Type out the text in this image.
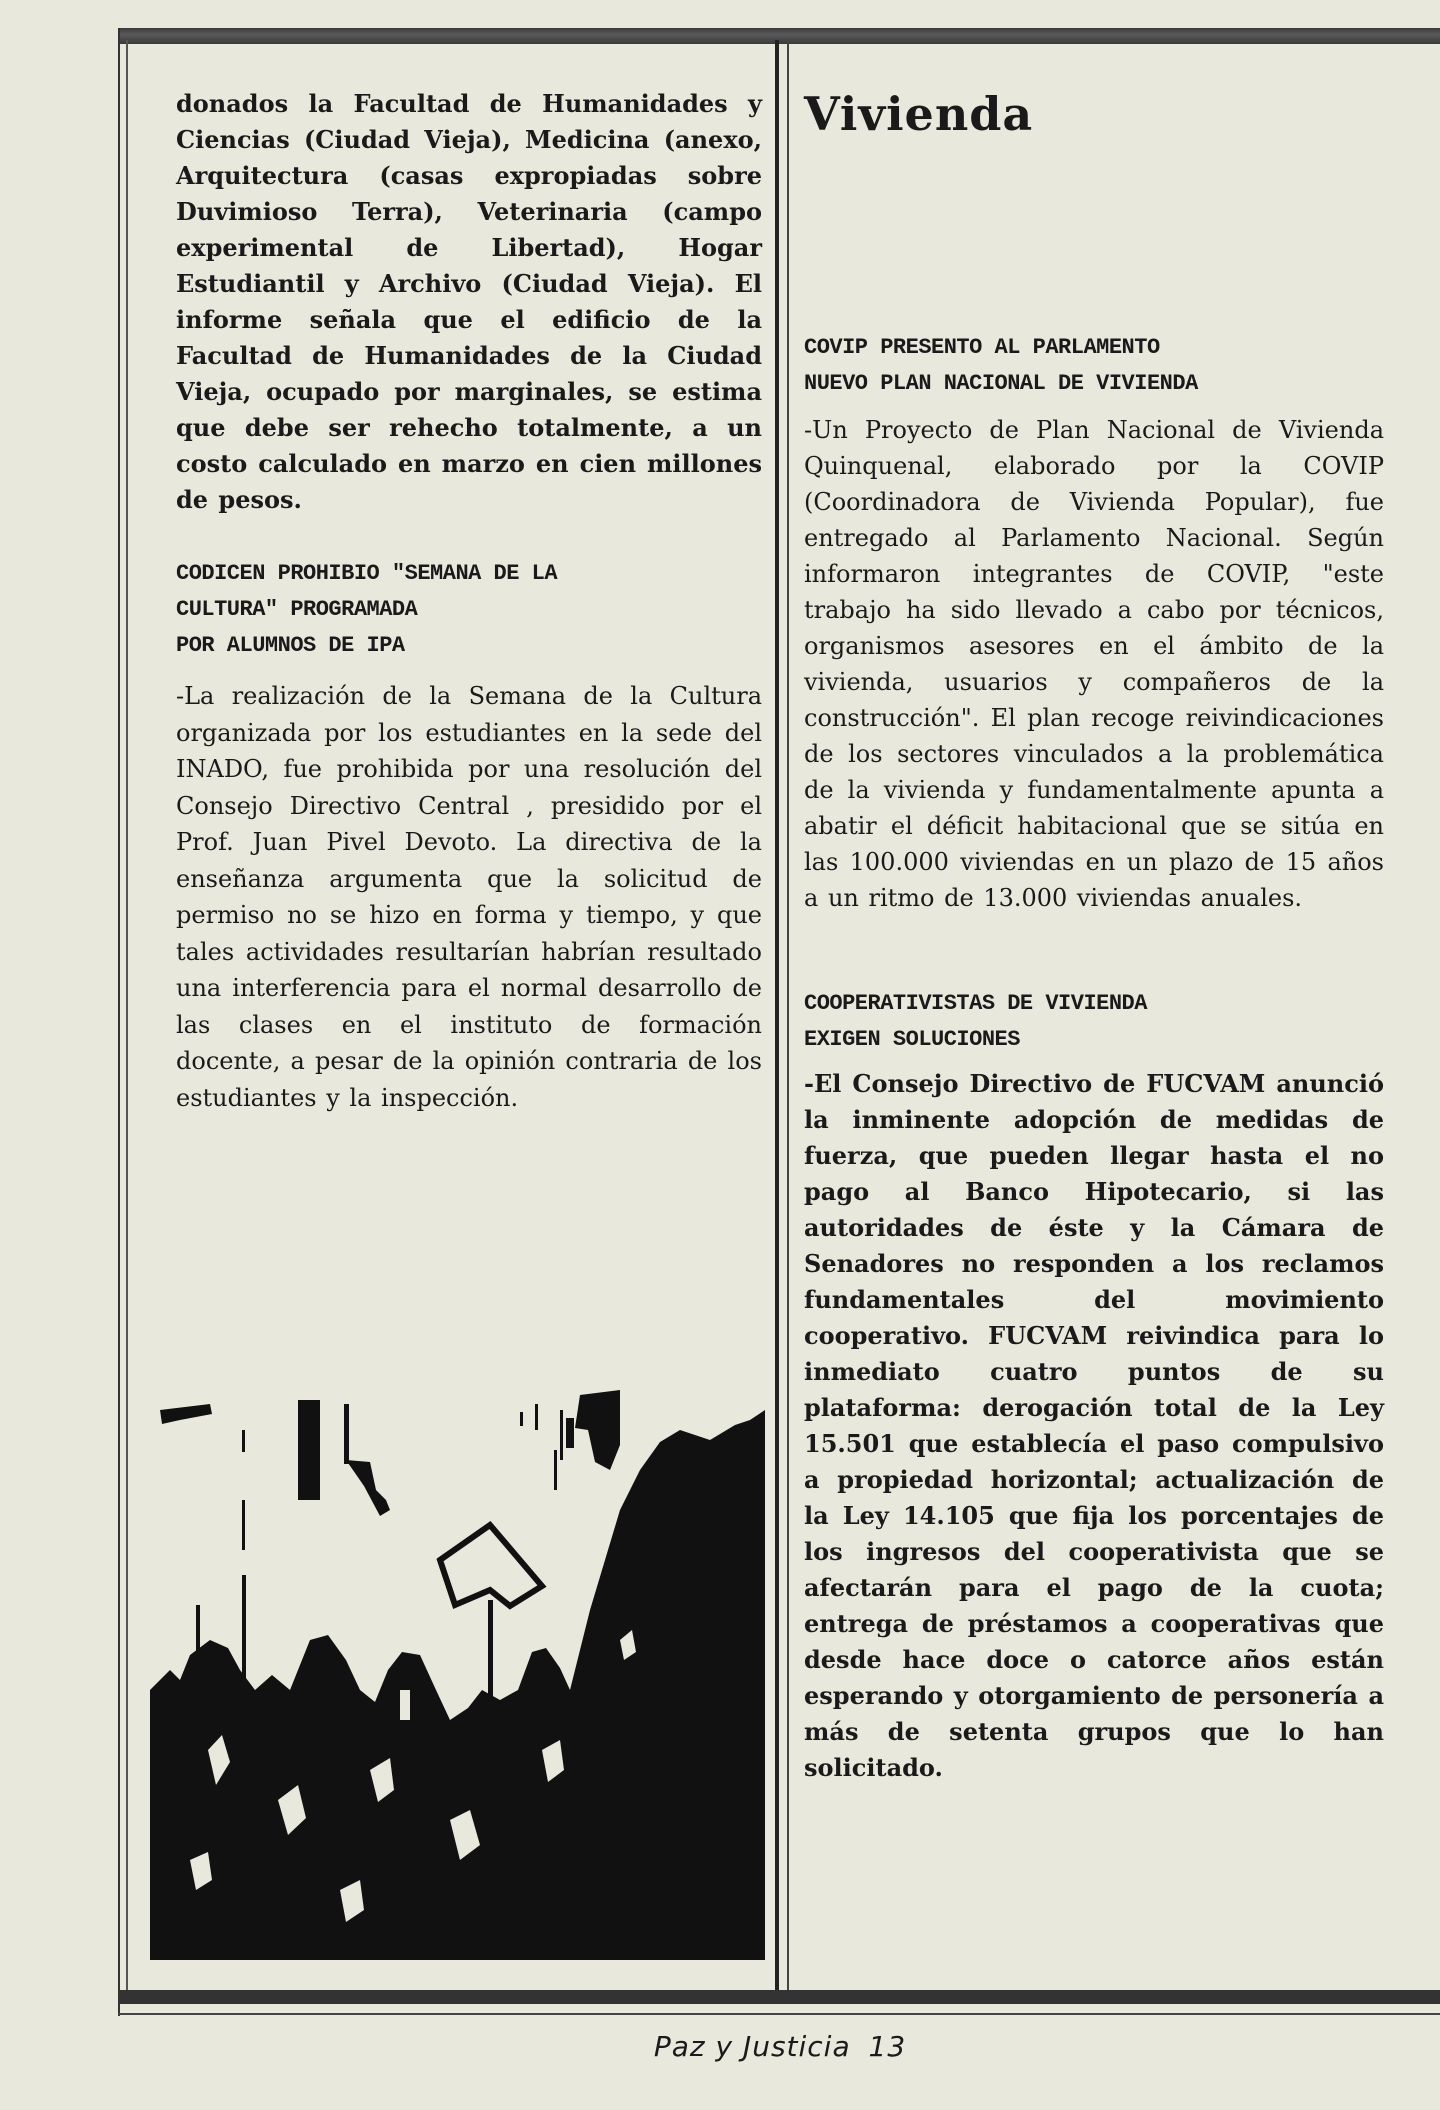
donados la Facultad de Humanidades y Ciencias (Ciudad Vieja), Medicina (anexo, Arquitectura (casas expropiadas sobre Duvimioso Terra), Veterinaria (campo experimental de Libertad), Hogar Estudiantil y Archivo (Ciudad Vieja). El informe señala que el edificio de la Facultad de Humanidades de la Ciudad Vieja, ocupado por marginales, se estima que debe ser rehecho totalmente, a un costo calculado en marzo en cien millones de pesos.

CODICEN PROHIBIO "SEMANA DE LA
CULTURA" PROGRAMADA
POR ALUMNOS DE IPA

-La realización de la Semana de la Cultura organizada por los estudiantes en la sede del INADO, fue prohibida por una resolución del Consejo Directivo Central , presidido por el Prof. Juan Pivel Devoto. La directiva de la enseñanza argumenta que la solicitud de permiso no se hizo en forma y tiempo, y que tales actividades resultarían habrían resultado una interferencia para el normal desarrollo de las clases en el instituto de formación docente, a pesar de la opinión contraria de los estudiantes y la inspección.

Vivienda
COVIP PRESENTO AL PARLAMENTO
NUEVO PLAN NACIONAL DE VIVIENDA

-Un Proyecto de Plan Nacional de Vivienda Quinquenal, elaborado por la COVIP (Coordinadora de Vivienda Popular), fue entregado al Parlamento Nacional. Según informaron integrantes de COVIP, "este trabajo ha sido llevado a cabo por técnicos, organismos asesores en el ámbito de la vivienda, usuarios y compañeros de la construcción". El plan recoge reivindicaciones de los sectores vinculados a la problemática de la vivienda y fundamentalmente apunta a abatir el déficit habitacional que se sitúa en las 100.000 viviendas en un plazo de 15 años a un ritmo de 13.000 viviendas anuales.

COOPERATIVISTAS DE VIVIENDA
EXIGEN SOLUCIONES

-El Consejo Directivo de FUCVAM anunció la inminente adopción de medidas de fuerza, que pueden llegar hasta el no pago al Banco Hipotecario, si las autoridades de éste y la Cámara de Senadores no responden a los reclamos fundamentales del movimiento cooperativo. FUCVAM reivindica para lo inmediato cuatro puntos de su plataforma: derogación total de la Ley 15.501 que establecía el paso compulsivo a propiedad horizontal; actualización de la Ley 14.105 que fija los porcentajes de los ingresos del cooperativista que se afectarán para el pago de la cuota; entrega de préstamos a cooperativas que desde hace doce o catorce años están esperando y otorgamiento de personería a más de setenta grupos que lo han solicitado.

Paz y Justicia 13
